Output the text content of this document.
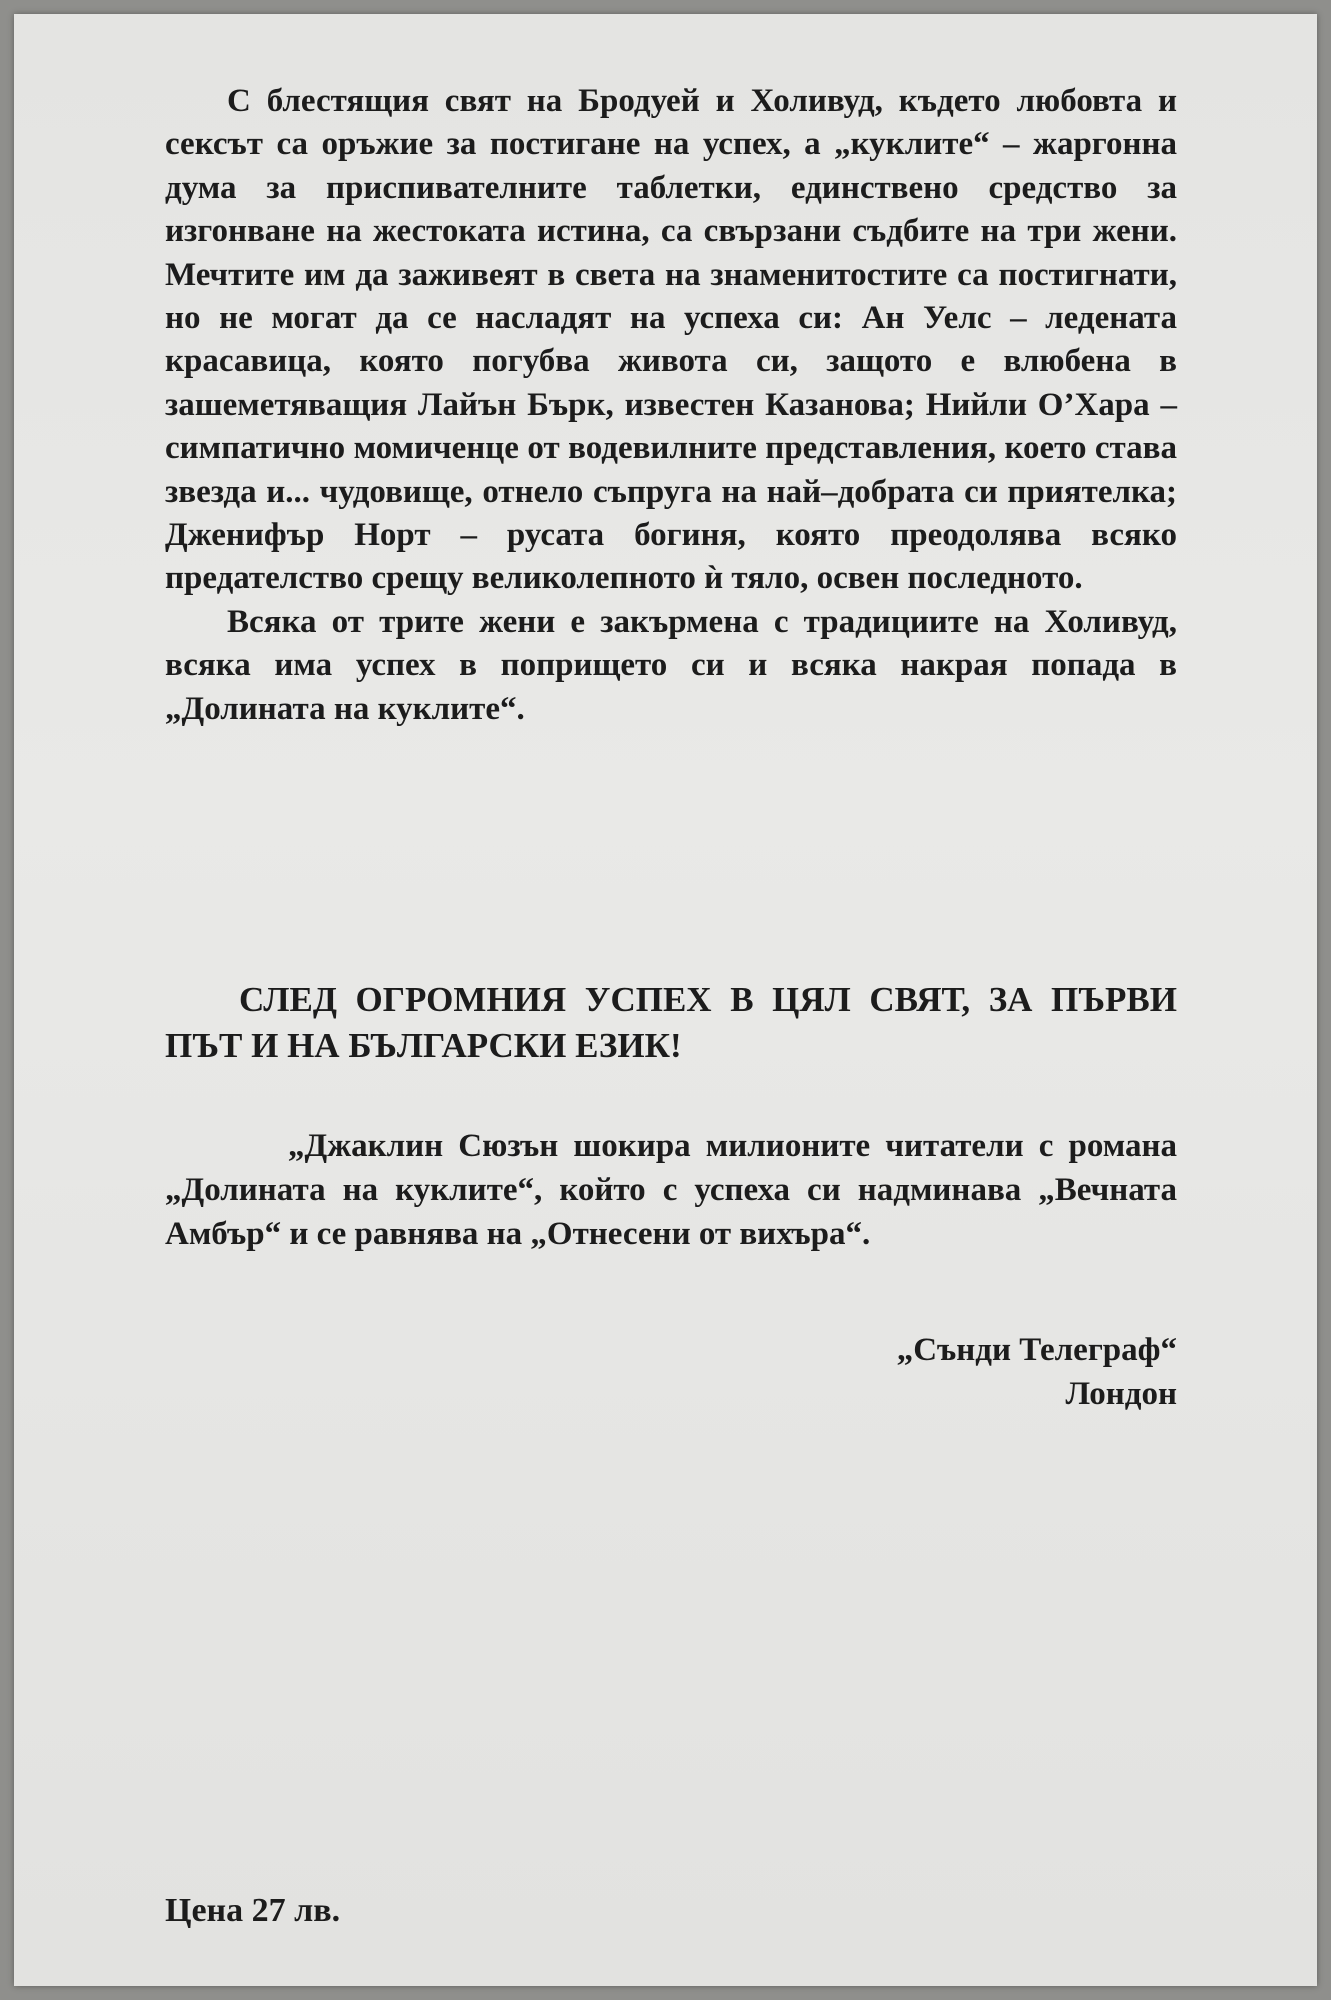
С блестящия свят на Бродуей и Холивуд, където любовта и сексът са оръжие за постигане на успех, а „куклите“ – жаргонна дума за приспивателните таблетки, единствено средство за изгонване на жестоката истина, са свързани съдбите на три жени. Мечтите им да заживеят в света на знаменитостите са постигнати, но не могат да се насладят на успеха си: Ан Уелс – ледената красавица, която погубва живота си, защото е влюбена в зашеметяващия Лайън Бърк, известен Казанова; Нийли О’Хара – симпатично момиченце от водевилните представления, което става звезда и... чудовище, отнело съпруга на най–добрата си приятелка; Дженифър Норт – русата богиня, която преодолява всяко предателство срещу великолепното ѝ тяло, освен последното.

Всяка от трите жени е закърмена с традициите на Холивуд, всяка има успех в попрището си и всяка накрая попада в „Долината на куклите“.

СЛЕД ОГРОМНИЯ УСПЕХ В ЦЯЛ СВЯТ, ЗА ПЪРВИ ПЪТ И НА БЪЛГАРСКИ ЕЗИК!

„Джаклин Сюзън шокира милионите читатели с романа „Долината на куклите“, който с успеха си надминава „Вечната Амбър“ и се равнява на „Отнесени от вихъра“.

„Сънди Телеграф“
Лондон

Цена 27 лв.
